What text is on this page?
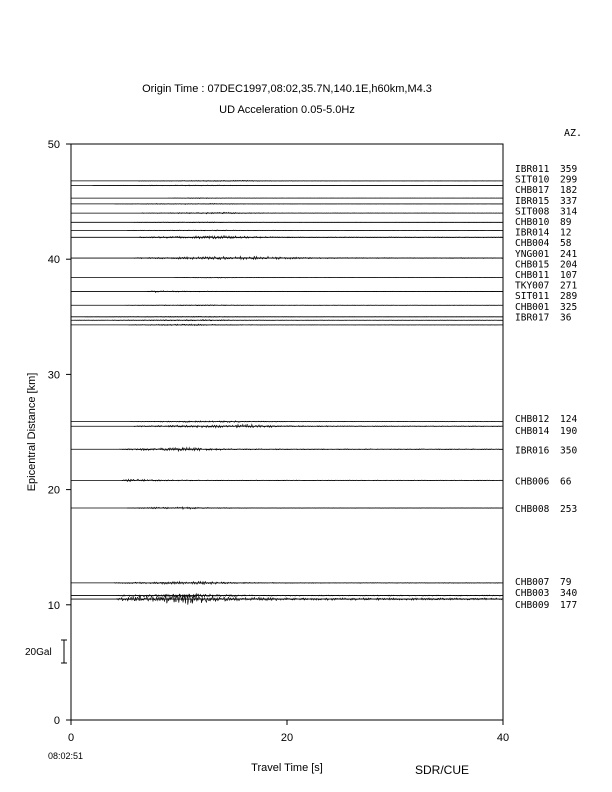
Origin Time : 07DEC1997,08:02,35.7N,140.1E,h60km,M4.3
UD Acceleration 0.05-5.0Hz
AZ.
0	20	40
0
10
20
30
40
50
Travel Time [s]
Epicentral Distance [km]
IBR011 359
SIT010 299
CHB017 182
IBR015 337
SIT008 314
CHB010 89
IBR014 12
CHB004 58
YNG001 241
CHB015 204
CHB011 107
TKY007 271
SIT011 289
CHB001 325
IBR017 36
CHB012 124
CHB014 190
IBR016 350
CHB006 66
CHB008 253
CHB007 79
CHB003 340
CHB009 177
20Gal
08:02:51
SDR/CUE
